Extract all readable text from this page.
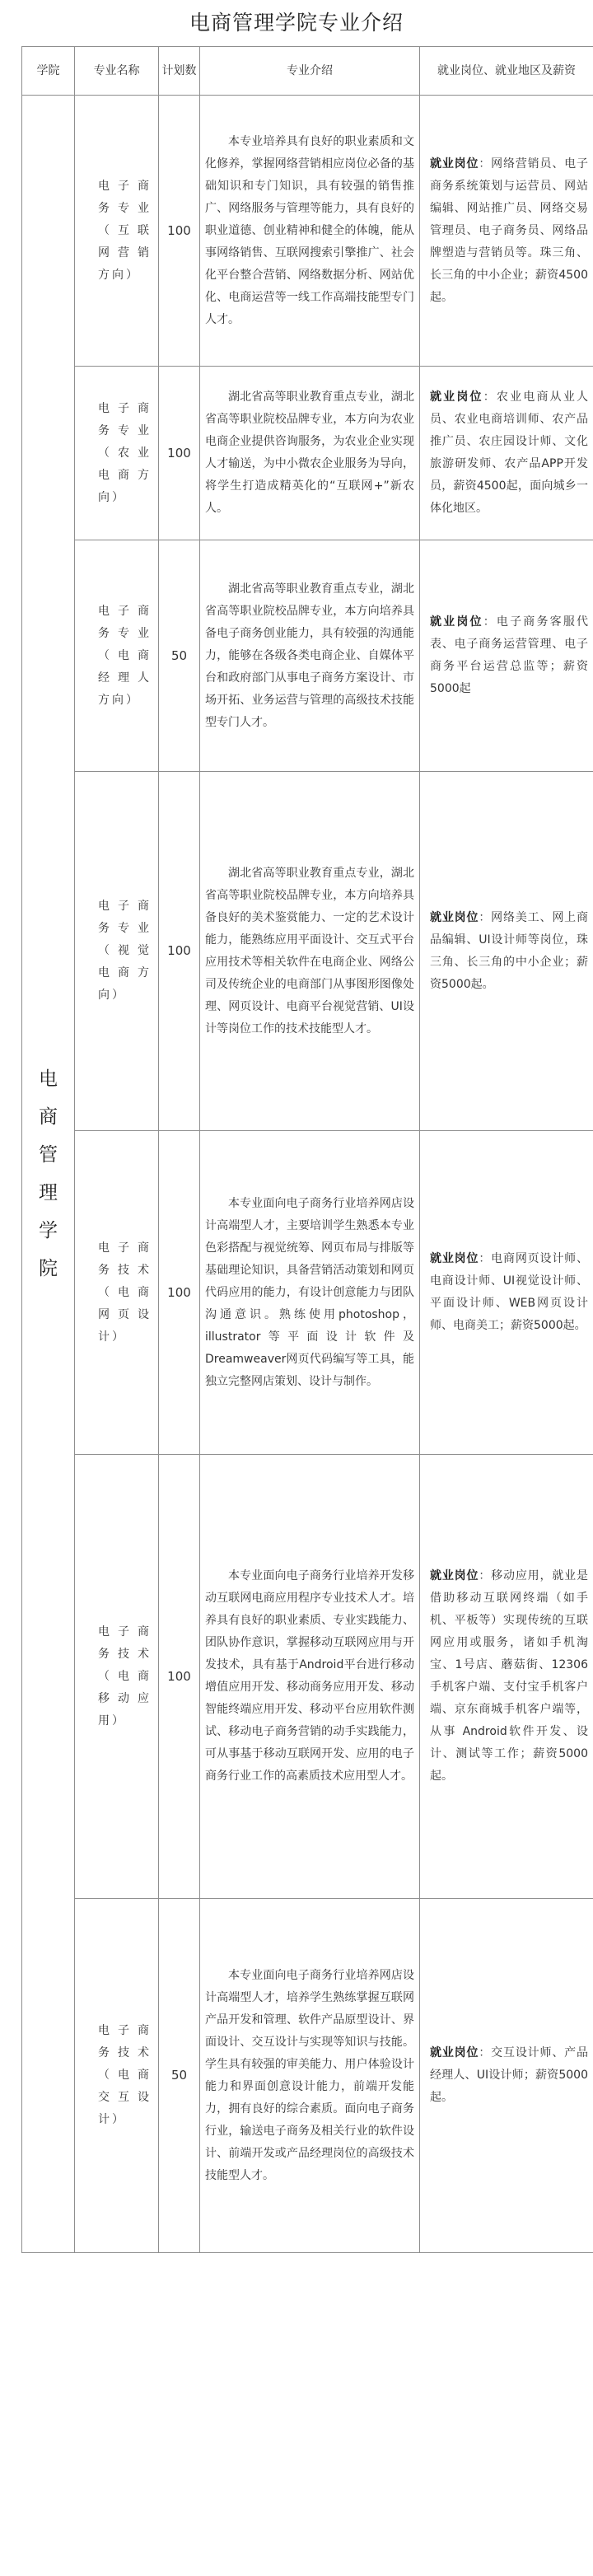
电商管理学院专业介绍
学院	专业名称	计划数	专业介绍	就业岗位、就业地区及薪资

电商管理学院	电子商务专业（互联网营销方向）	100	本专业培养具有良好的职业素质和文化修养，掌握网络营销相应岗位必备的基础知识和专门知识，具有较强的销售推广、网络服务与管理等能力，具有良好的职业道德、创业精神和健全的体魄，能从事网络销售、互联网搜索引擎推广、社会化平台整合营销、网络数据分析、网站优化、电商运营等一线工作高端技能型专门人才。	就业岗位：网络营销员、电子商务系统策划与运营员、网站编辑、网站推广员、网络交易管理员、电子商务员、网络品牌塑造与营销员等。珠三角、长三角的中小企业；薪资4500起。
	电子商务专业（农业电商方向）	100	湖北省高等职业教育重点专业，湖北省高等职业院校品牌专业，本方向为农业电商企业提供咨询服务，为农业企业实现人才输送，为中小微农企业服务为导向，将学生打造成精英化的“互联网+”新农人。	就业岗位：农业电商从业人员、农业电商培训师、农产品推广员、农庄园设计师、文化旅游研发师、农产品APP开发员，薪资4500起，面向城乡一体化地区。
	电子商务专业（电商经理人方向）	50	湖北省高等职业教育重点专业，湖北省高等职业院校品牌专业，本方向培养具备电子商务创业能力，具有较强的沟通能力，能够在各级各类电商企业、自媒体平台和政府部门从事电子商务方案设计、市场开拓、业务运营与管理的高级技术技能型专门人才。	就业岗位：电子商务客服代表、电子商务运营管理、电子商务平台运营总监等；薪资5000起
	电子商务专业（视觉电商方向）	100	湖北省高等职业教育重点专业，湖北省高等职业院校品牌专业，本方向培养具备良好的美术鉴赏能力、一定的艺术设计能力，能熟练应用平面设计、交互式平台应用技术等相关软件在电商企业、网络公司及传统企业的电商部门从事图形图像处理、网页设计、电商平台视觉营销、UI设计等岗位工作的技术技能型人才。	就业岗位：网络美工、网上商品编辑、UI设计师等岗位，珠三角、长三角的中小企业；薪资5000起。
	电子商务技术（电商网页设计）	100	本专业面向电子商务行业培养网店设计高端型人才，主要培训学生熟悉本专业色彩搭配与视觉统筹、网页布局与排版等基础理论知识，具备营销活动策划和网页代码应用的能力，有设计创意能力与团队沟通意识。熟练使用photoshop，illustrator等平面设计软件及Dreamweaver网页代码编写等工具，能独立完整网店策划、设计与制作。	就业岗位：电商网页设计师、电商设计师、UI视觉设计师、平面设计师、WEB网页设计师、电商美工；薪资5000起。
	电子商务技术（电商移动应用）	100	本专业面向电子商务行业培养开发移动互联网电商应用程序专业技术人才。培养具有良好的职业素质、专业实践能力、团队协作意识，掌握移动互联网应用与开发技术，具有基于Android平台进行移动增值应用开发、移动商务应用开发、移动智能终端应用开发、移动平台应用软件测试、移动电子商务营销的动手实践能力，可从事基于移动互联网开发、应用的电子商务行业工作的高素质技术应用型人才。	就业岗位：移动应用，就业是借助移动互联网终端（如手机、平板等）实现传统的互联网应用或服务，诸如手机淘宝、1号店、蘑菇街、12306手机客户端、支付宝手机客户端、京东商城手机客户端等，从事 Android软件开发、设计、测试等工作；薪资5000起。
	电子商务技术（电商交互设计）	50	本专业面向电子商务行业培养网店设计高端型人才，培养学生熟练掌握互联网产品开发和管理、软件产品原型设计、界面设计、交互设计与实现等知识与技能。学生具有较强的审美能力、用户体验设计能力和界面创意设计能力，前端开发能力，拥有良好的综合素质。面向电子商务行业，输送电子商务及相关行业的软件设计、前端开发或产品经理岗位的高级技术技能型人才。	就业岗位：交互设计师、产品经理人、UI设计师；薪资5000起。
